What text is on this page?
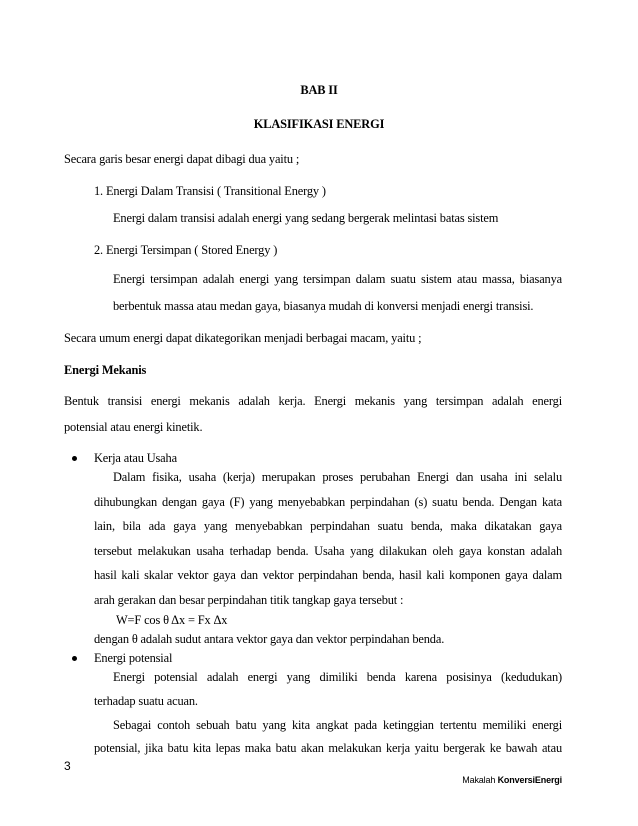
BAB II
KLASIFIKASI ENERGI
Secara garis besar energi dapat dibagi dua yaitu ;
1. Energi Dalam Transisi ( Transitional Energy )
Energi dalam transisi adalah energi yang sedang bergerak melintasi batas sistem
2. Energi Tersimpan ( Stored Energy )
Energi tersimpan adalah energi yang tersimpan dalam suatu sistem atau massa, biasanya
berbentuk massa atau medan gaya, biasanya mudah di konversi menjadi energi transisi.
Secara umum energi dapat dikategorikan menjadi berbagai macam, yaitu ;
Energi Mekanis
Bentuk transisi energi mekanis adalah kerja. Energi mekanis yang tersimpan adalah energi
potensial atau energi kinetik.
Kerja atau Usaha
Dalam fisika, usaha (kerja) merupakan proses perubahan Energi dan usaha ini selalu
dihubungkan dengan gaya (F) yang menyebabkan perpindahan (s) suatu benda. Dengan kata
lain, bila ada gaya yang menyebabkan perpindahan suatu benda, maka dikatakan gaya
tersebut melakukan usaha terhadap benda. Usaha yang dilakukan oleh gaya konstan adalah
hasil kali skalar vektor gaya dan vektor perpindahan benda, hasil kali komponen gaya dalam
arah gerakan dan besar perpindahan titik tangkap gaya tersebut :
W=F cos θ Δx = Fx Δx
dengan θ adalah sudut antara vektor gaya dan vektor perpindahan benda.
Energi potensial
Energi potensial adalah energi yang dimiliki benda karena posisinya (kedudukan)
terhadap suatu acuan.
Sebagai contoh sebuah batu yang kita angkat pada ketinggian tertentu memiliki energi
potensial, jika batu kita lepas maka batu akan melakukan kerja yaitu bergerak ke bawah atau
3
Makalah KonversiEnergi
